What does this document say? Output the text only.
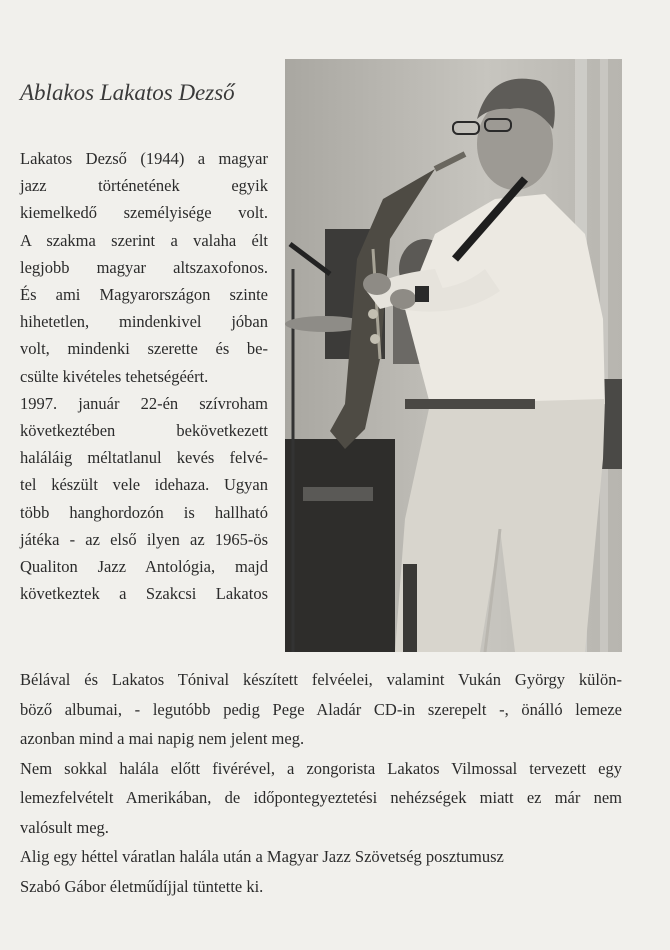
Ablakos Lakatos Dezső
Lakatos Dezső (1944) a magyar
jazz történetének egyik
kiemelkedő személyisége volt.
A szakma szerint a valaha élt
legjobb magyar altszaxofonos.
És ami Magyarországon szinte
hihetetlen, mindenkivel jóban
volt, mindenki szerette és be-
csülte kivételes tehetségéért.
1997. január 22-én szívroham
következtében bekövetkezett
haláláig méltatlanul kevés felvé-
tel készült vele idehaza. Ugyan
több hanghordozón is hallható
játéka - az első ilyen az 1965-ös
Qualiton Jazz Antológia, majd
következtek a Szakcsi Lakatos
Bélával és Lakatos Tónival készített felvéelei, valamint Vukán György külön-
böző albumai, - legutóbb pedig Pege Aladár CD-in szerepelt -, önálló lemeze
azonban mind a mai napig nem jelent meg.
Nem sokkal halála előtt fivérével, a zongorista Lakatos Vilmossal tervezett egy
lemezfelvételt Amerikában, de időpontegyeztetési nehézségek miatt ez már nem
valósult meg.
Alig egy héttel váratlan halála után a Magyar Jazz Szövetség posztumusz
Szabó Gábor életműdíjjal tüntette ki.
